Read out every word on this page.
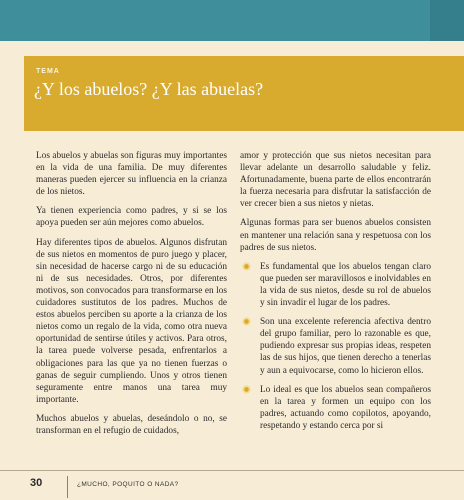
TEMA
¿Y los abuelos? ¿Y las abuelas?

Los abuelos y abuelas son figuras muy importantes en la vida de una familia. De muy diferentes maneras pueden ejercer su influencia en la crianza de los nietos.

Ya tienen experiencia como padres, y si se los apoya pueden ser aún mejores como abuelos.

Hay diferentes tipos de abuelos. Algunos disfrutan de sus nietos en momentos de puro juego y placer, sin necesidad de hacerse cargo ni de su educación ni de sus necesidades. Otros, por diferentes motivos, son convocados para transformarse en los cuidadores sustitutos de los padres. Muchos de estos abuelos perciben su aporte a la crianza de los nietos como un regalo de la vida, como otra nueva oportunidad de sentirse útiles y activos. Para otros, la tarea puede volverse pesada, enfrentarlos a obligaciones para las que ya no tienen fuerzas o ganas de seguir cumpliendo. Unos y otros tienen seguramente entre manos una tarea muy importante.

Muchos abuelos y abuelas, deseándolo o no, se transforman en el refugio de cuidados,

amor y protección que sus nietos necesitan para llevar adelante un desarrollo saludable y feliz. Afortunadamente, buena parte de ellos encontrarán la fuerza necesaria para disfrutar la satisfacción de ver crecer bien a sus nietos y nietas.

Algunas formas para ser buenos abuelos consisten en mantener una relación sana y respetuosa con los padres de sus nietos.

Es fundamental que los abuelos tengan claro que pueden ser maravillosos e inolvidables en la vida de sus nietos, desde su rol de abuelos y sin invadir el lugar de los padres.
Son una excelente referencia afectiva dentro del grupo familiar, pero lo razonable es que, pudiendo expresar sus propias ideas, respeten las de sus hijos, que tienen derecho a tenerlas y aun a equivocarse, como lo hicieron ellos.
Lo ideal es que los abuelos sean compañeros en la tarea y formen un equipo con los padres, actuando como copilotos, apoyando, respetando y estando cerca por si
30	¿MUCHO, POQUITO O NADA?
